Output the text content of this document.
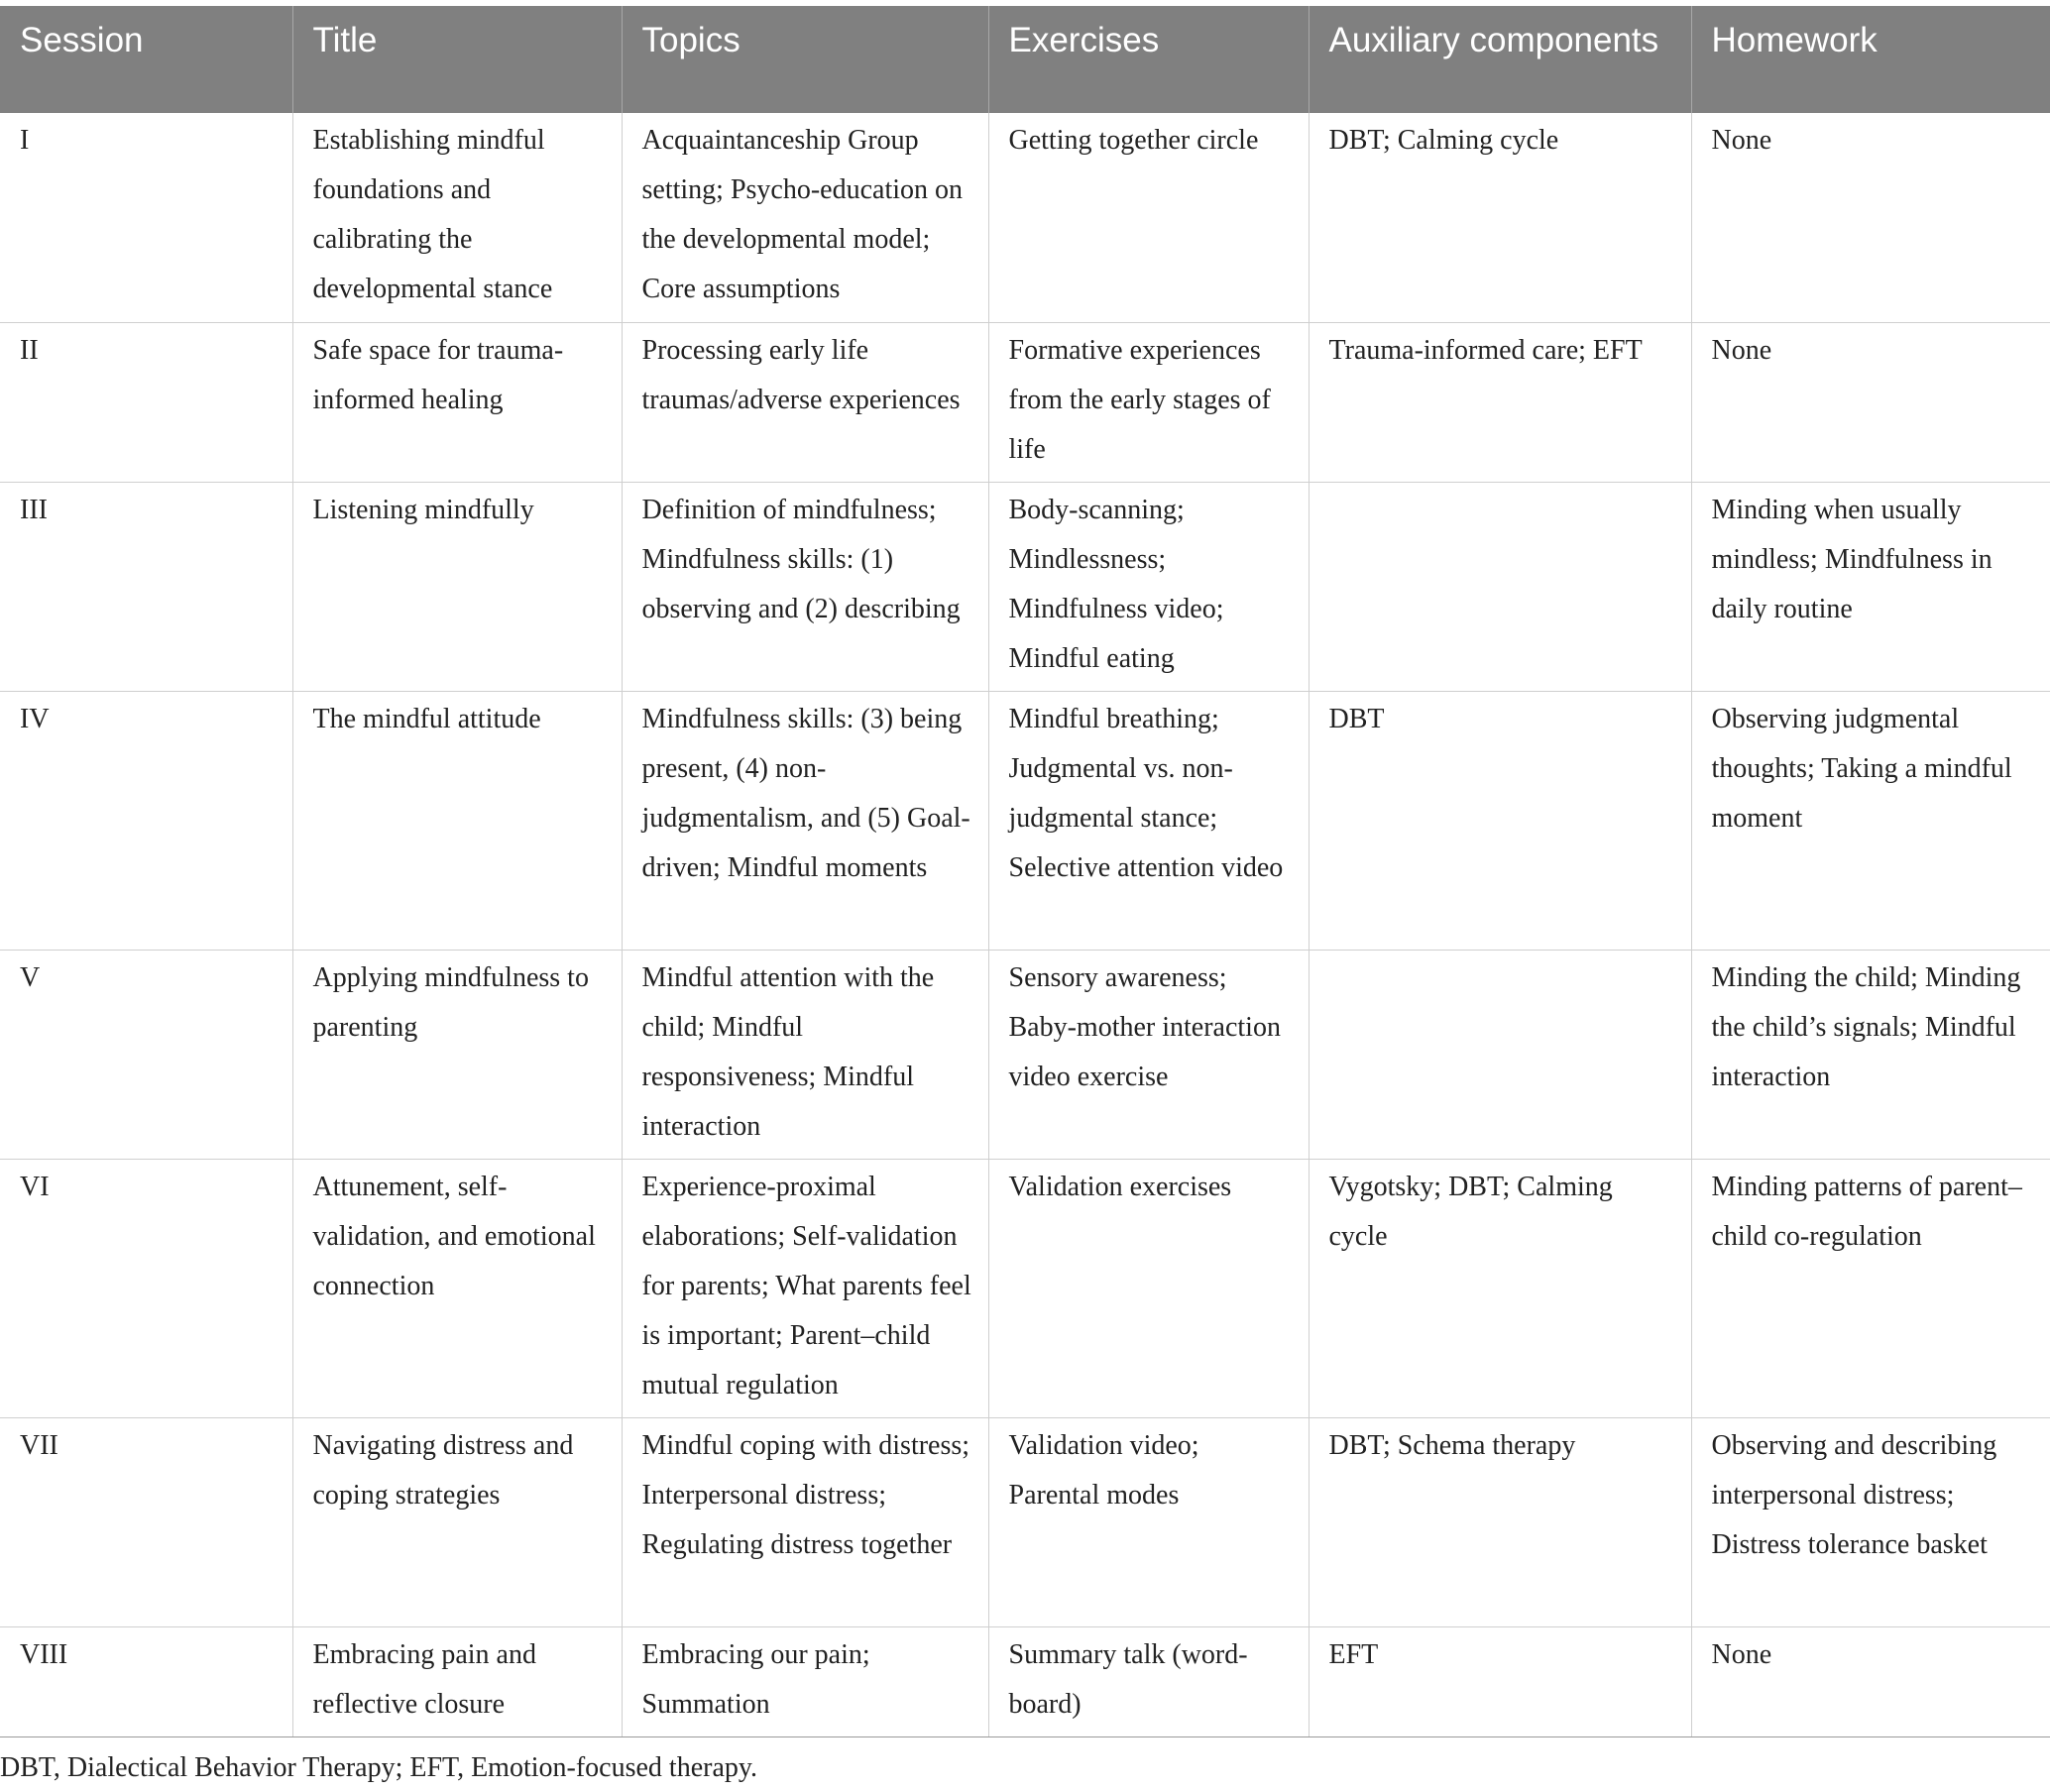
Session	Title	Topics	Exercises	Auxiliary components	Homework
I	Establishing mindful foundations and calibrating the developmental stance	Acquaintanceship Group setting; Psycho-education on the developmental model; Core assumptions	Getting together circle	DBT; Calming cycle	None
II	Safe space for trauma-informed healing	Processing early life traumas/adverse experiences	Formative experiences from the early stages of life	Trauma-informed care; EFT	None
III	Listening mindfully	Definition of mindfulness; Mindfulness skills: (1) observing and (2) describing	Body-scanning; Mindlessness; Mindfulness video; Mindful eating		Minding when usually mindless; Mindfulness in daily routine
IV	The mindful attitude	Mindfulness skills: (3) being present, (4) non-judgmentalism, and (5) Goal-driven; Mindful moments	Mindful breathing; Judgmental vs. non-judgmental stance; Selective attention video	DBT	Observing judgmental thoughts; Taking a mindful moment
V	Applying mindfulness to parenting	Mindful attention with the child; Mindful responsiveness; Mindful interaction	Sensory awareness; Baby-mother interaction video exercise		Minding the child; Minding the child’s signals; Mindful interaction
VI	Attunement, self-validation, and emotional connection	Experience-proximal elaborations; Self-validation for parents; What parents feel is important; Parent–child mutual regulation	Validation exercises	Vygotsky; DBT; Calming cycle	Minding patterns of parent–child co-regulation
VII	Navigating distress and coping strategies	Mindful coping with distress; Interpersonal distress; Regulating distress together	Validation video; Parental modes	DBT; Schema therapy	Observing and describing interpersonal distress; Distress tolerance basket
VIII	Embracing pain and reflective closure	Embracing our pain; Summation	Summary talk (word-board)	EFT	None
DBT, Dialectical Behavior Therapy; EFT, Emotion-focused therapy.
